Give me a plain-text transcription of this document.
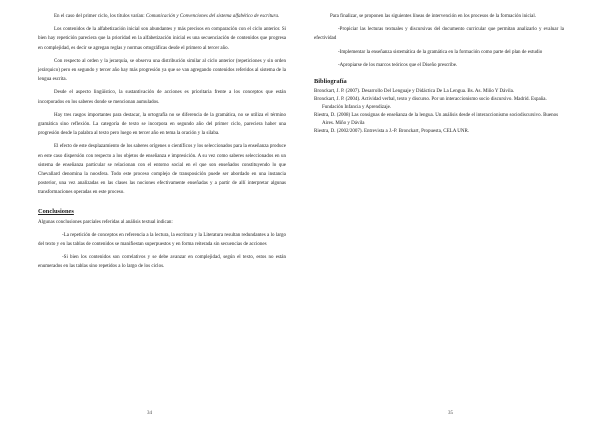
En el caso del primer ciclo, los títulos varían: Comunicación y Convenciones del sistema alfabético de escritura.

Los contenidos de la alfabetización inicial son abundantes y más precisos en comparación con el ciclo anterior. Si bien hay repetición pareciera que la prioridad en la alfabetización inicial es una secuenciación de contenidos que progresa en complejidad, es decir se agregan reglas y normas ortográficas desde el primero al tercer año.

Con respecto al orden y la jerarquía, se observa una distribución similar al ciclo anterior (repeticiones y sin orden jerárquico) pero en segundo y tercer año hay más progresión ya que se van agregando contenidos referidos al sistema de la lengua escrita.

Desde el aspecto lingüístico, la sustantivación de acciones es prioritaria frente a los conceptos que están incorporados en los saberes donde se mencionan aumulados.

Hay tres rasgos importantes para destacar, la ortografía no se diferencia de la gramática, no se utiliza el término gramática sino reflexión. La categoría de texto se incorpora en segundo año del primer ciclo, pareciera haber una progresión desde la palabra al texto pero luego en tercer año en tema la oración y la silaba.

El efecto de este desplazamiento de los saberes orígenes o científicos y los seleccionados para la enseñanza produce en este caso dispersión con respecto a los objetos de enseñanza e impresición. A su vez como saberes seleccionados en un sistema de enseñanza particular se relacionan con el entorno social en el que son enseñados constituyendo lo que Chevallard denomina la noosfera. Todo este proceso complejo de transposición puede ser abordado en una instancia posterior, una vez analizadas en las clases las nociones efectivamente enseñadas y a partir de allí interpretar algunas transformaciones operadas en este proceso.

Conclusiones

Algunas conclusiones parciales referidas al análisis textual indican:

-La repetición de conceptos en referencia a la lectura, la escritura y la Literatura resultan redundantes a lo largo del texto y en las tablas de contenidos se manifiestan superpuestos y en forma reiterada sin secuencias de acciones

-Si bien los contenidos son correlativos y se debe avanzar en complejidad, según el texto, estos no están enumerados en las tablas sino repetidos a lo largo de los ciclos.

34

Para finalizar, se proponen las siguientes líneas de intervención en los procesos de la formación inicial.

-Propiciar las lecturas textuales y discursivas del documento curricular que permitan analizarlo y evaluar la efectividad

-Implementar la enseñanza sistemática de la gramática en la formación como parte del plan de estudio

-Apropiarse de los marcos teóricos que el Diseño prescribe.

Bibliografía

Bronckart, J. P. (2007). Desarrollo Del Lenguaje y Didáctica De La Lengua. Bs. As. Miño Y Dávila.

Bronckart, J. P. (2004). Actividad verbal, texto y discurso. Por un interaccionismo socio discursivo. Madrid. España. Fundación Infancia y Aprendizaje.

Riestra, D. (2008) Las consignas de enseñanza de la lengua. Un análisis desde el interaccionismo sociodiscursivo. Buenos Aires. Miño y Dávila

Riestra, D. (2002/2007). Entrevista a J.-P. Bronckart, Propuesta, CELA UNR.

35
